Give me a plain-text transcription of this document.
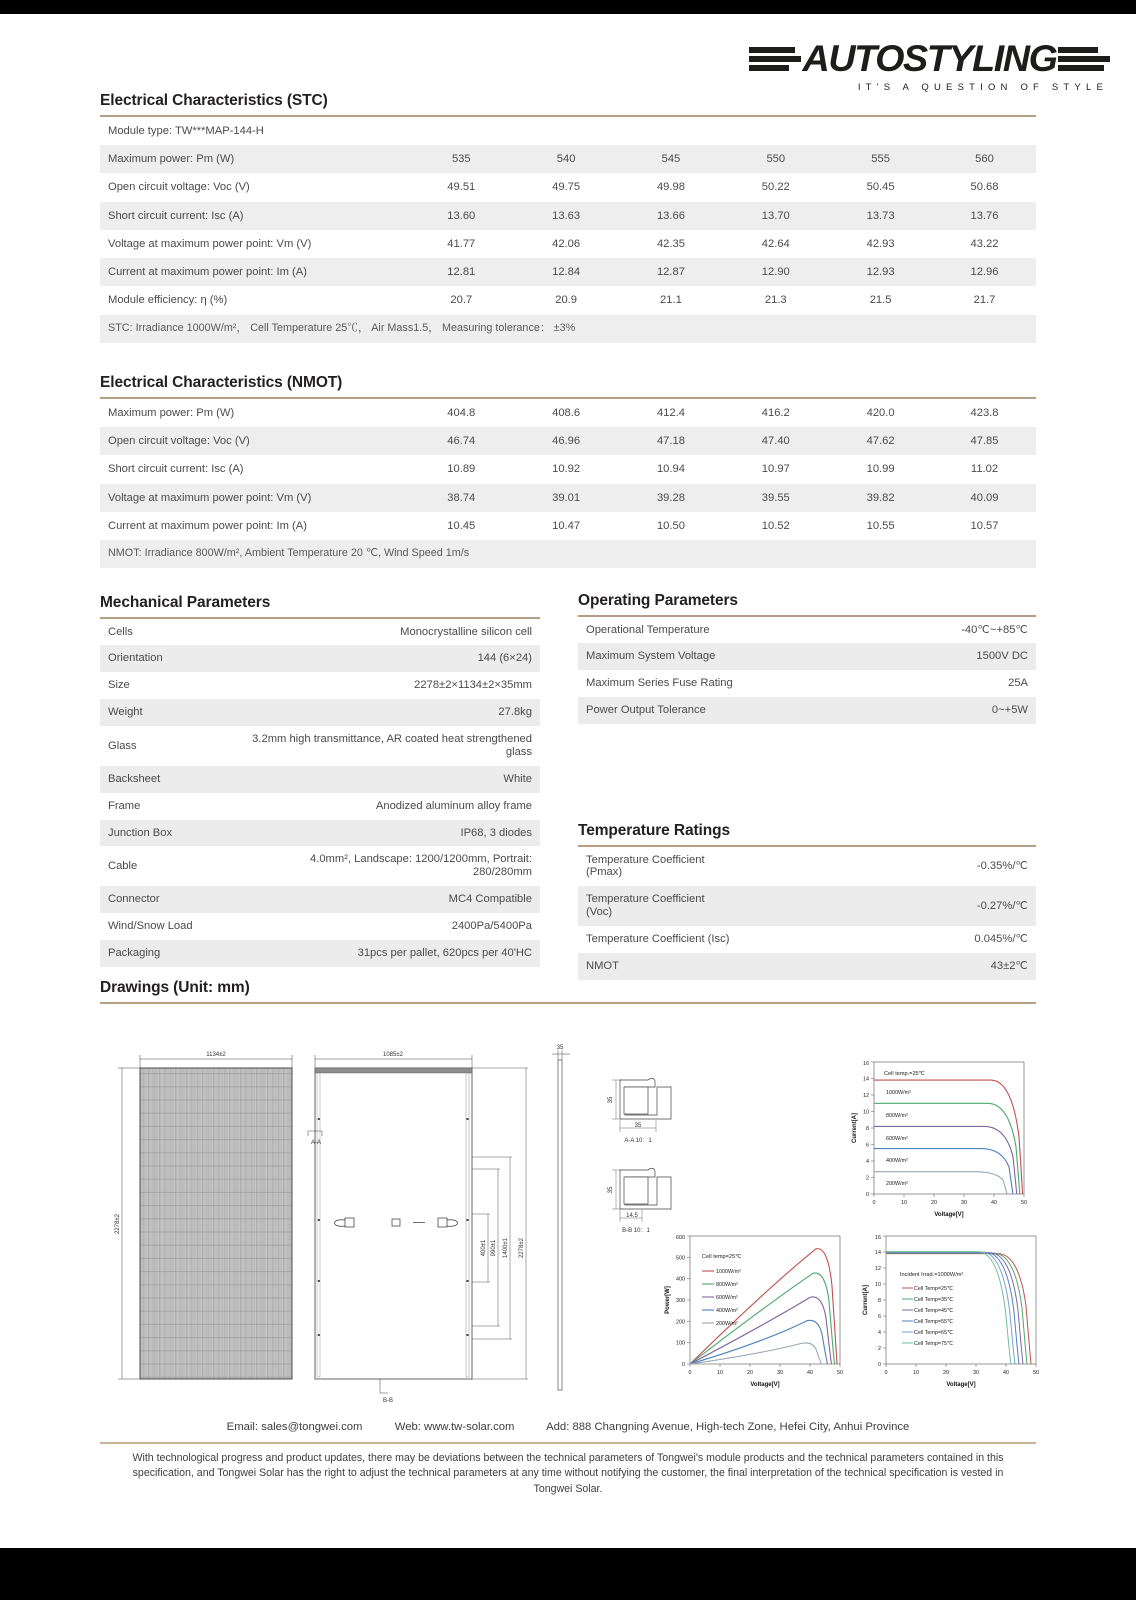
AUTOSTYLING
IT'S A QUESTION OF STYLE
Electrical Characteristics (STC)
Module type: TW***MAP-144-H						
Maximum power: Pm (W)	535	540	545	550	555	560
Open circuit voltage: Voc (V)	49.51	49.75	49.98	50.22	50.45	50.68
Short circuit current: Isc (A)	13.60	13.63	13.66	13.70	13.73	13.76
Voltage at maximum power point: Vm (V)	41.77	42.06	42.35	42.64	42.93	43.22
Current at maximum power point: Im (A)	12.81	12.84	12.87	12.90	12.93	12.96
Module efficiency: η (%)	20.7	20.9	21.1	21.3	21.5	21.7
STC: Irradiance 1000W/m²， Cell Temperature 25℃， Air Mass1.5， Measuring tolerance： ±3%						
Electrical Characteristics (NMOT)
Maximum power: Pm (W)	404.8	408.6	412.4	416.2	420.0	423.8
Open circuit voltage: Voc (V)	46.74	46.96	47.18	47.40	47.62	47.85
Short circuit current: Isc (A)	10.89	10.92	10.94	10.97	10.99	11.02
Voltage at maximum power point: Vm (V)	38.74	39.01	39.28	39.55	39.82	40.09
Current at maximum power point: Im (A)	10.45	10.47	10.50	10.52	10.55	10.57
NMOT: Irradiance 800W/m², Ambient Temperature 20 ℃, Wind Speed 1m/s						
Mechanical Parameters
Cells	Monocrystalline silicon cell
Orientation	144 (6×24)
Size	2278±2×1134±2×35mm
Weight	27.8kg
Glass	3.2mm high transmittance, AR coated heat strengthened glass
Backsheet	White
Frame	Anodized aluminum alloy frame
Junction Box	IP68, 3 diodes
Cable	4.0mm², Landscape: 1200/1200mm, Portrait: 280/280mm
Connector	MC4 Compatible
Wind/Snow Load	2400Pa/5400Pa
Packaging	31pcs per pallet, 620pcs per 40'HC
Operating Parameters
Operational Temperature	-40℃~+85℃
Maximum System Voltage	1500V DC
Maximum Series Fuse Rating	25A
Power Output Tolerance	0~+5W
Temperature Ratings
Temperature Coefficient (Pmax)	-0.35%/℃
Temperature Coefficient (Voc)	-0.27%/℃
Temperature Coefficient (Isc)	0.045%/℃
NMOT	43±2℃
Drawings (Unit: mm)
1134±2
2278±2
1085±2
A-A
B-B
400±1 990±1 1400±1 2278±2
35
35
35
A-A 10：1
35
14.5
B-B 10：1
0
2
4
6
8
10
12
14
16
0	10	20	30	40	50
Cell temp.=25℃
1000W/m²
800W/m²
600W/m²
400W/m²
200W/m²
Current[A]
Voltage[V]
0
100
200
300
400
500
600
0	10	20	30	40	50
Cell temp=25℃
1000W/m²
800W/m²
600W/m²
400W/m²
200W/m²
Power[W]
Voltage[V]
0
2
4
6
8
10
12
14
16
0	10	20	30	40	50
Incident Irrad.=1000W/m²
Cell Temp=25℃
Cell Temp=35℃
Cell Temp=45℃
Cell Temp=55℃
Cell Temp=65℃
Cell Temp=75℃
Current[A]
Voltage[V]
Email: sales@tongwei.com	Web: www.tw-solar.com	Add: 888 Changning Avenue, High-tech Zone, Hefei City, Anhui Province
With technological progress and product updates, there may be deviations between the technical parameters of Tongwei's module products and the technical parameters contained in this specification, and Tongwei Solar has the right to adjust the technical parameters at any time without notifying the customer, the final interpretation of the technical specification is vested in Tongwei Solar.
